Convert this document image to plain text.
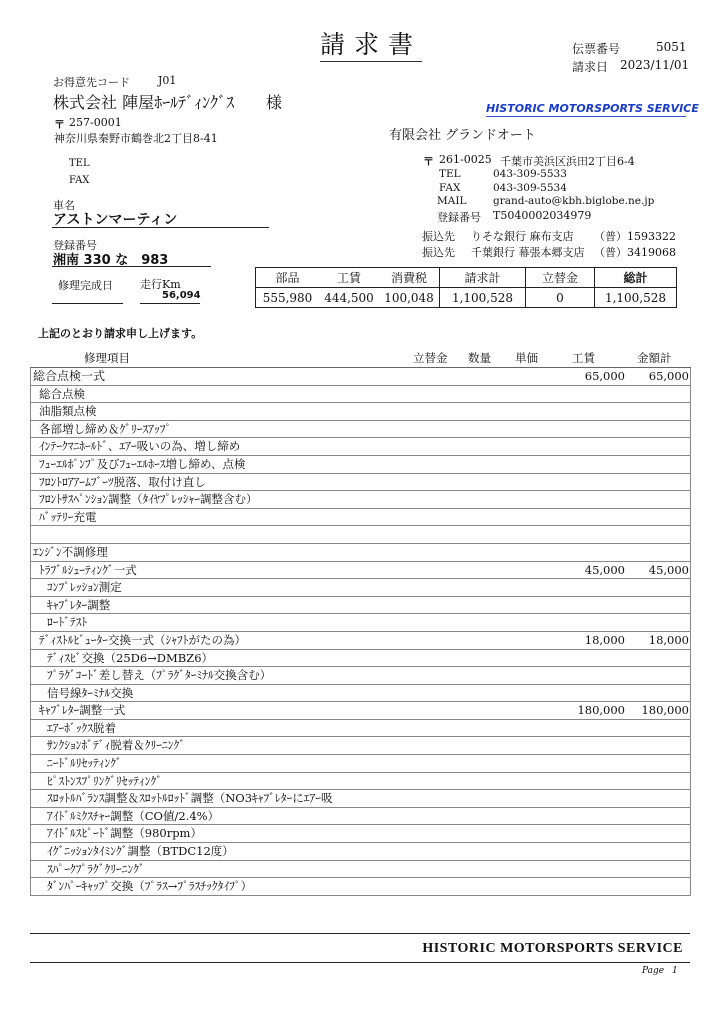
請求書	伝票番号	5051
請求日 2023/11/01
お得意先コード	J01
株式会社 陣屋ﾎｰﾙﾃﾞｨﾝｸﾞｽ 様
〒 257-0001
神奈川県秦野市鶴巻北2丁目8-41
TEL
FAX
車名
アストンマーティン
登録番号
湘南 330 な　983
修理完成日 走行Km
56,094
HISTORIC MOTORSPORTS SERVICE
有限会社 グランドオート
〒 261-0025 千葉市美浜区浜田2丁目6-4
TEL	043-309-5533
FAX	043-309-5534
MAIL	grand-auto@kbh.biglobe.ne.jp
登録番号 T5040002034979
振込先 りそな銀行 麻布支店 （普）1593322
振込先 千葉銀行 幕張本郷支店 （普）3419068
部品	工賃	消費税	請求計	立替金	総計
555,980	444,500	100,048	1,100,528	0	1,100,528
上記のとおり請求申し上げます。
修理項目	立替金 数量 単価	工賃	金額計
総合点検一式	65,000	65,000
総合点検
油脂類点検
各部増し締め＆ｸﾞﾘｰｽｱｯﾌﾟ
ｲﾝﾃｰｸﾏﾆﾎｰﾙﾄﾞ、ｴｱｰ吸いの為、増し締め
ﾌｭｰｴﾙﾎﾟﾝﾌﾟ及びﾌｭｰｴﾙﾎｰｽ増し締め、点検
ﾌﾛﾝﾄﾛｱｱｰﾑﾌﾞｰﾂ脱落、取付け直し
ﾌﾛﾝﾄｻｽﾍﾟﾝｼｮﾝ調整（ﾀｲﾔﾌﾟﾚｯｼｬｰ調整含む）
ﾊﾞｯﾃﾘｰ充電
ｴﾝｼﾞﾝ不調修理
ﾄﾗﾌﾞﾙｼｭｰﾃｨﾝｸﾞ一式	45,000	45,000
ｺﾝﾌﾟﾚｯｼｮﾝ測定
ｷｬﾌﾞﾚﾀｰ調整
ﾛｰﾄﾞﾃｽﾄ
ﾃﾞｨｽﾄﾙﾋﾞｭｰﾀｰ交換一式（ｼｬﾌﾄがたの為）	18,000	18,000
ﾃﾞｨｽﾋﾞ交換（25D6→DMBZ6）
ﾌﾟﾗｸﾞｺｰﾄﾞ差し替え（ﾌﾟﾗｸﾞﾀｰﾐﾅﾙ交換含む）
信号線ﾀｰﾐﾅﾙ交換
ｷｬﾌﾞﾚﾀｰ調整一式	180,000	180,000
ｴｱｰﾎﾞｯｸｽ脱着
ｻﾝｸｼｮﾝﾎﾞﾃﾞｨ脱着＆ｸﾘｰﾆﾝｸﾞ
ﾆｰﾄﾞﾙﾘｾｯﾃｨﾝｸﾞ
ﾋﾟｽﾄﾝｽﾌﾟﾘﾝｸﾞﾘｾｯﾃｨﾝｸﾞ
ｽﾛｯﾄﾙﾊﾞﾗﾝｽ調整＆ｽﾛｯﾄﾙﾛｯﾄﾞ調整（NO3ｷｬﾌﾞﾚﾀｰにｴｱｰ吸
ｱｲﾄﾞﾙﾐｸｽﾁｬｰ調整（CO値/2.4%）
ｱｲﾄﾞﾙｽﾋﾟｰﾄﾞ調整（980rpm）
ｲｸﾞﾆｯｼｮﾝﾀｲﾐﾝｸﾞ調整（BTDC12度）
ｽﾊﾟｰｸﾌﾟﾗｸﾞｸﾘｰﾆﾝｸﾞ
ﾀﾞﾝﾊﾟｰｷｬｯﾌﾟ交換（ﾌﾟﾗｽ→ﾌﾟﾗｽﾁｯｸﾀｲﾌﾟ）
HISTORIC MOTORSPORTS SERVICE
Page 1
